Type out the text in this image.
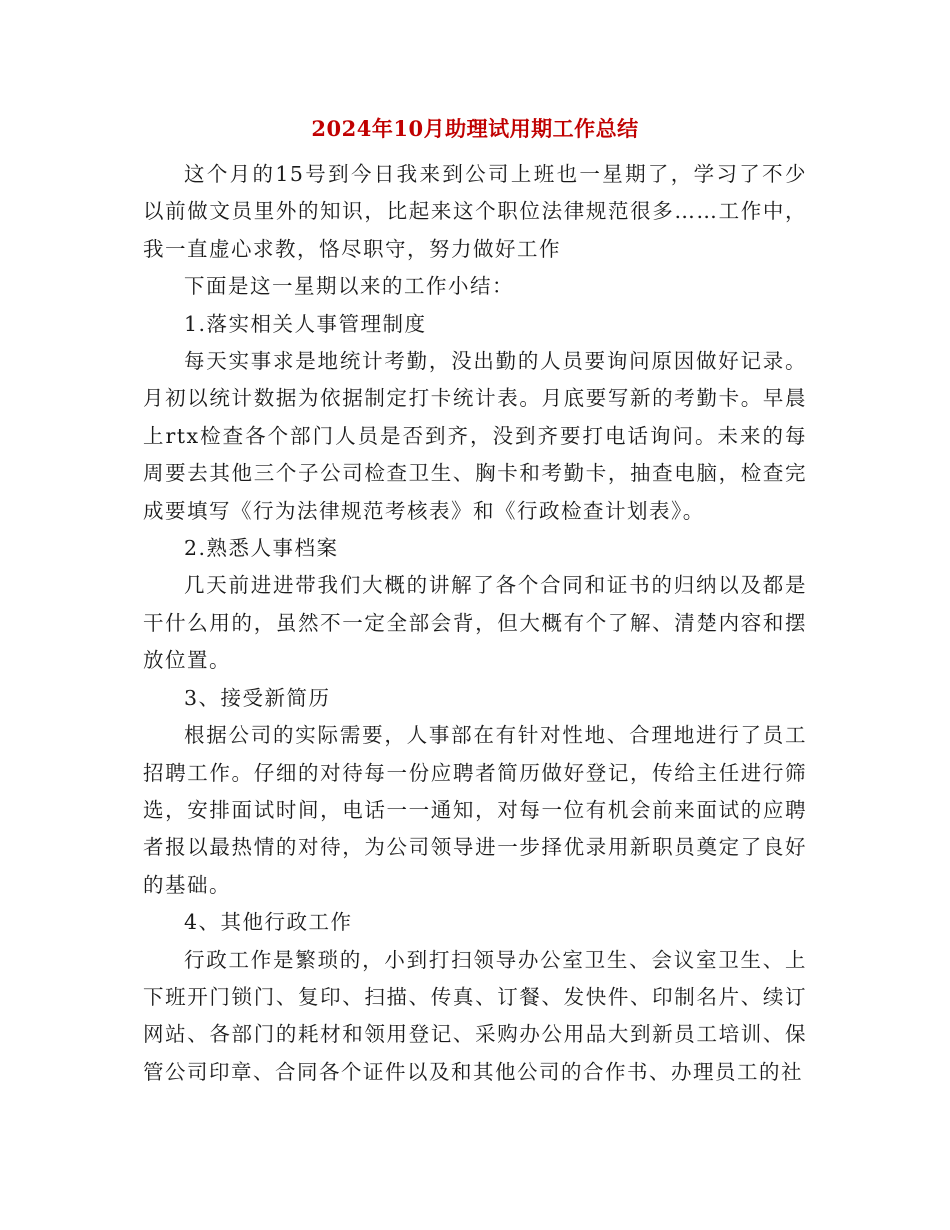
2024年10月助理试用期工作总结

这个月的15号到今日我来到公司上班也一星期了，学习了不少以前做文员里外的知识，比起来这个职位法律规范很多……工作中，我一直虚心求教，恪尽职守，努力做好工作

下面是这一星期以来的工作小结：

1.落实相关人事管理制度

每天实事求是地统计考勤，没出勤的人员要询问原因做好记录。月初以统计数据为依据制定打卡统计表。月底要写新的考勤卡。早晨上rtx检查各个部门人员是否到齐，没到齐要打电话询问。未来的每周要去其他三个子公司检查卫生、胸卡和考勤卡，抽查电脑，检查完成要填写《行为法律规范考核表》和《行政检查计划表》。

2.熟悉人事档案

几天前进进带我们大概的讲解了各个合同和证书的归纳以及都是干什么用的，虽然不一定全部会背，但大概有个了解、清楚内容和摆放位置。

3、接受新简历

根据公司的实际需要，人事部在有针对性地、合理地进行了员工招聘工作。仔细的对待每一份应聘者简历做好登记，传给主任进行筛选，安排面试时间，电话一一通知，对每一位有机会前来面试的应聘者报以最热情的对待，为公司领导进一步择优录用新职员奠定了良好的基础。

4、其他行政工作

行政工作是繁琐的，小到打扫领导办公室卫生、会议室卫生、上下班开门锁门、复印、扫描、传真、订餐、发快件、印制名片、续订网站、各部门的耗材和领用登记、采购办公用品大到新员工培训、保管公司印章、合同各个证件以及和其他公司的合作书、办理员工的社
